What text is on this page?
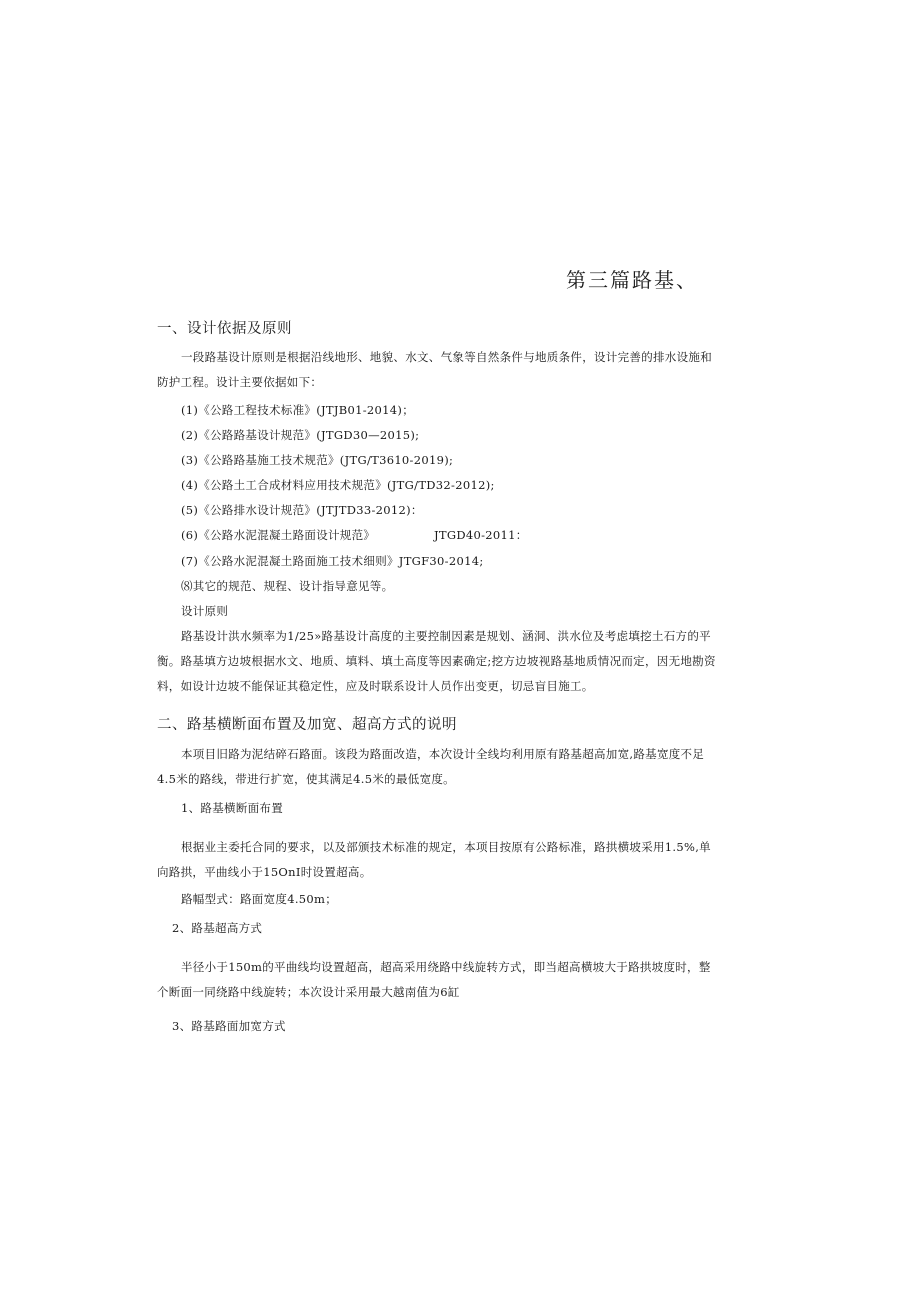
第三篇路基、
一、设计依据及原则

一段路基设计原则是根据沿线地形、地貌、水文、气象等自然条件与地质条件，设计完善的排水设施和防护工程。设计主要依据如下：

(1)《公路工程技术标准》(JTJB01-2014)；

(2)《公路路基设计规范》(JTGD30—2015);

(3)《公路路基施工技术规范》(JTG/T3610-2019);

(4)《公路土工合成材料应用技术规范》(JTG/TD32-2012);

(5)《公路排水设计规范》(JTJTD33-2012)：

(6)《公路水泥混凝土路面设计规范》	JTGD40-2011：

(7)《公路水泥混凝土路面施工技术细则》JTGF30-2014;

⑻其它的规范、规程、设计指导意见等。

设计原则

路基设计洪水频率为1/25»路基设计高度的主要控制因素是规划、涵洞、洪水位及考虑填挖土石方的平衡。路基填方边坡根据水文、地质、填料、填土高度等因素确定;挖方边坡视路基地质情况而定，因无地勘资料，如设计边坡不能保证其稳定性，应及时联系设计人员作出变更，切忌盲目施工。

二、路基横断面布置及加宽、超高方式的说明

本项目旧路为泥结碎石路面。该段为路面改造，本次设计全线均利用原有路基超高加宽,路基宽度不足4.5米的路线，带进行扩宽，使其满足4.5米的最低宽度。

1、路基横断面布置

根据业主委托合同的要求，以及部颁技术标准的规定，本项目按原有公路标准，路拱横坡采用1.5%,单向路拱，平曲线小于15OnI时设置超高。

路幅型式：路面宽度4.50m；

2、路基超高方式

半径小于150m的平曲线均设置超高，超高采用绕路中线旋转方式，即当超高横坡大于路拱坡度时，整个断面一同绕路中线旋转；本次设计采用最大越南值为6缸

3、路基路面加宽方式
